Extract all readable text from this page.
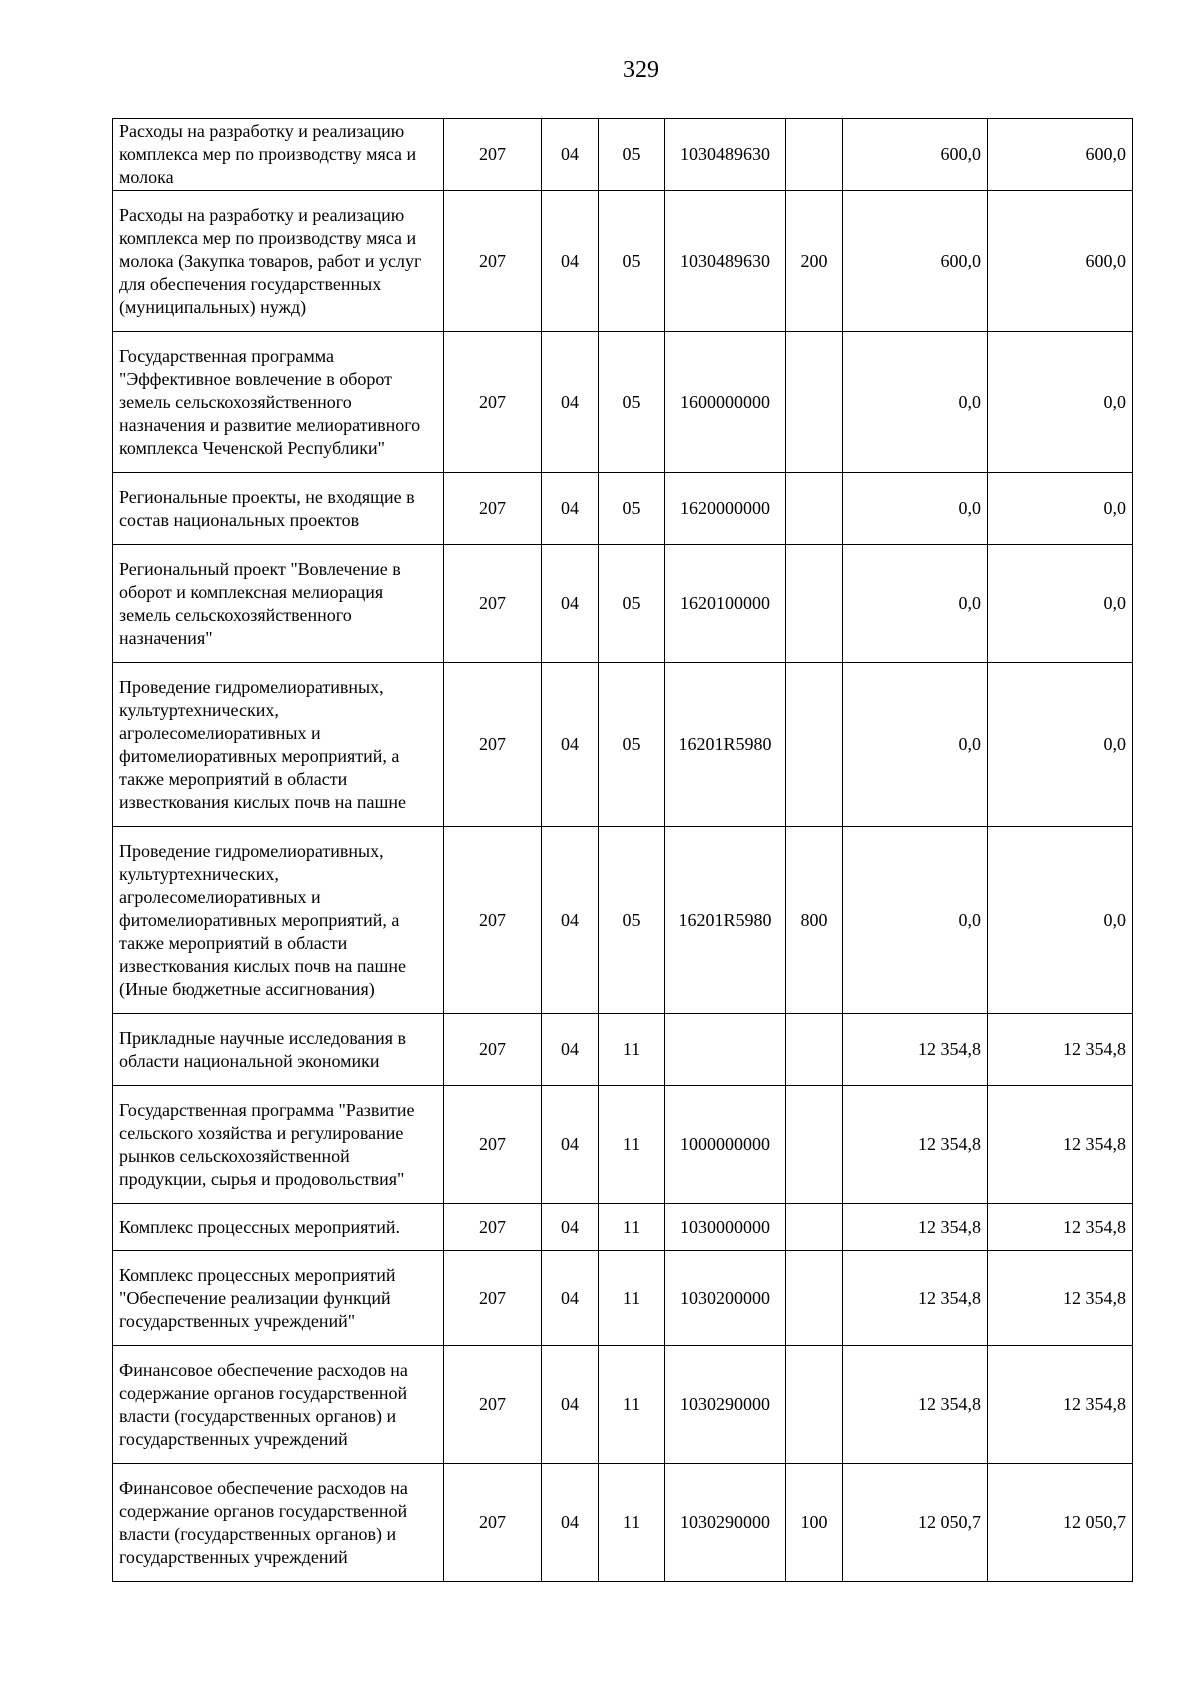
329
Расходы на разработку и реализацию комплекса мер по производству мяса и молока	207	04	05	1030489630		600,0	600,0
Расходы на разработку и реализацию комплекса мер по производству мяса и молока (Закупка товаров, работ и услуг для обеспечения государственных (муниципальных) нужд)	207	04	05	1030489630	200	600,0	600,0
Государственная программа "Эффективное вовлечение в оборот земель сельскохозяйственного назначения и развитие мелиоративного комплекса Чеченской Республики"	207	04	05	1600000000		0,0	0,0
Региональные проекты, не входящие в состав национальных проектов	207	04	05	1620000000		0,0	0,0
Региональный проект "Вовлечение в оборот и комплексная мелиорация земель сельскохозяйственного назначения"	207	04	05	1620100000		0,0	0,0
Проведение гидромелиоративных, культуртехнических, агролесомелиоративных и фитомелиоративных мероприятий, а также мероприятий в области известкования кислых почв на пашне	207	04	05	16201R5980		0,0	0,0
Проведение гидромелиоративных, культуртехнических, агролесомелиоративных и фитомелиоративных мероприятий, а также мероприятий в области известкования кислых почв на пашне (Иные бюджетные ассигнования)	207	04	05	16201R5980	800	0,0	0,0
Прикладные научные исследования в области национальной экономики	207	04	11			12 354,8	12 354,8
Государственная программа "Развитие сельского хозяйства и регулирование рынков сельскохозяйственной продукции, сырья и продовольствия"	207	04	11	1000000000		12 354,8	12 354,8
Комплекс процессных мероприятий.	207	04	11	1030000000		12 354,8	12 354,8
Комплекс процессных мероприятий "Обеспечение реализации функций государственных учреждений"	207	04	11	1030200000		12 354,8	12 354,8
Финансовое обеспечение расходов на содержание органов государственной власти (государственных органов) и государственных учреждений	207	04	11	1030290000		12 354,8	12 354,8
Финансовое обеспечение расходов на содержание органов государственной власти (государственных органов) и государственных учреждений	207	04	11	1030290000	100	12 050,7	12 050,7
